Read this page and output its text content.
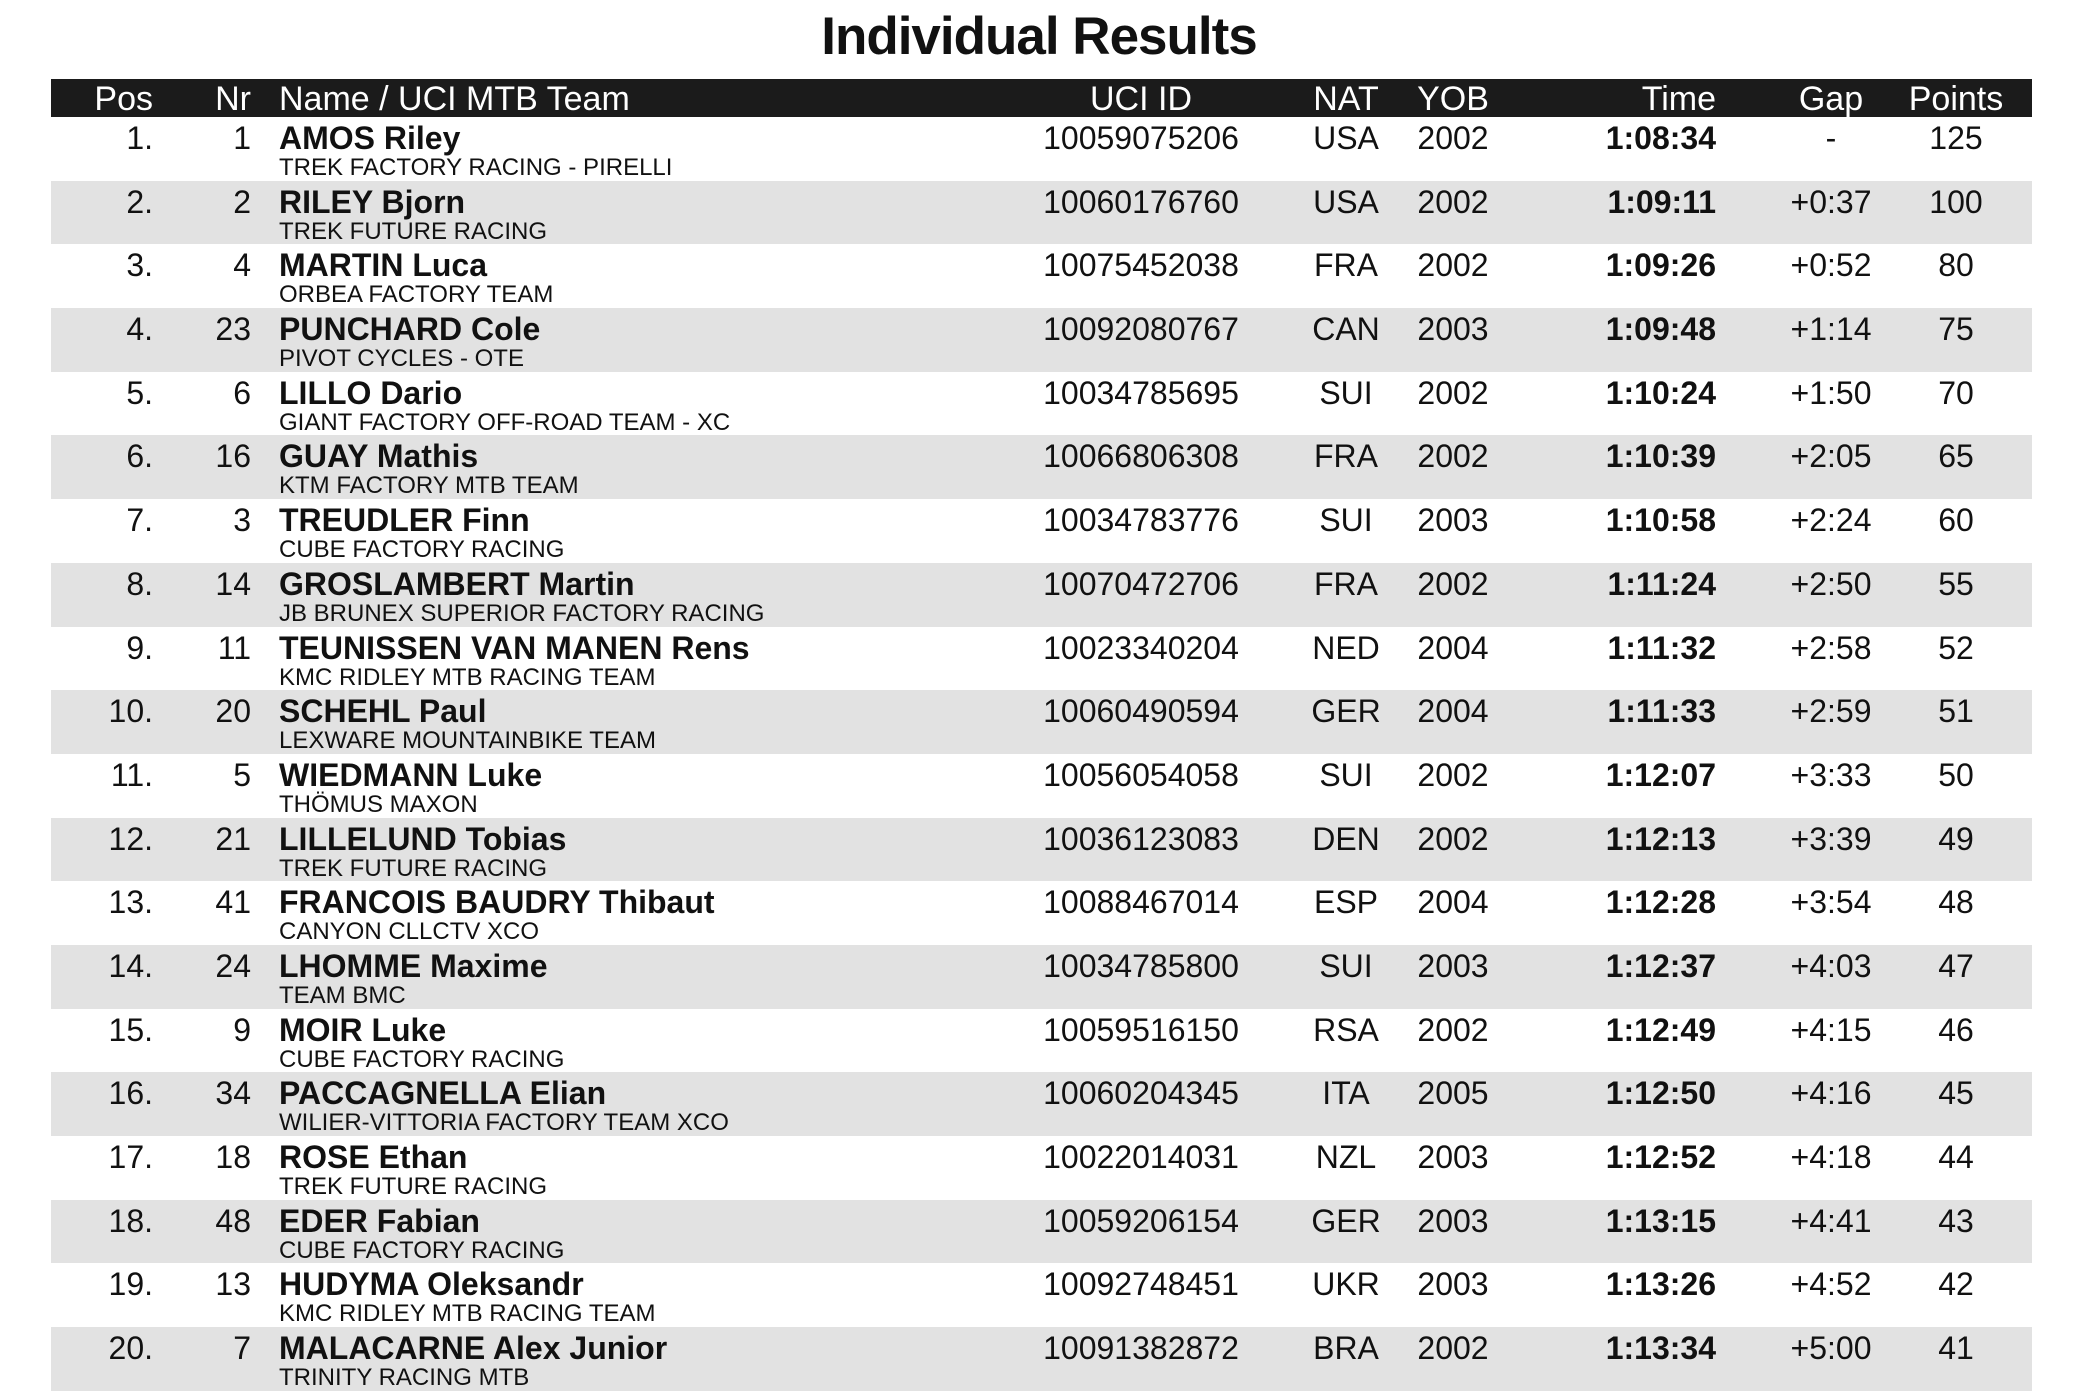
Individual Results
Pos	Nr Name / UCI MTB Team	UCI ID	NAT	YOB	Time	Gap	Points
1.	1 AMOS Riley
TREK FACTORY RACING - PIRELLI
10059075206	USA	2002	1:08:34	-	125
2.	2 RILEY Bjorn
TREK FUTURE RACING
10060176760	USA	2002	1:09:11	+0:37	100
3.	4 MARTIN Luca
ORBEA FACTORY TEAM
10075452038	FRA	2002	1:09:26	+0:52	80
4.	23 PUNCHARD Cole
PIVOT CYCLES - OTE
10092080767	CAN	2003	1:09:48	+1:14	75
5.	6 LILLO Dario
GIANT FACTORY OFF-ROAD TEAM - XC
10034785695	SUI	2002	1:10:24	+1:50	70
6.	16 GUAY Mathis
KTM FACTORY MTB TEAM
10066806308	FRA	2002	1:10:39	+2:05	65
7.	3 TREUDLER Finn
CUBE FACTORY RACING
10034783776	SUI	2003	1:10:58	+2:24	60
8.	14 GROSLAMBERT Martin
JB BRUNEX SUPERIOR FACTORY RACING
10070472706	FRA	2002	1:11:24	+2:50	55
9.	11 TEUNISSEN VAN MANEN Rens
KMC RIDLEY MTB RACING TEAM
10023340204	NED	2004	1:11:32	+2:58	52
10.	20 SCHEHL Paul
LEXWARE MOUNTAINBIKE TEAM
10060490594	GER	2004	1:11:33	+2:59	51
11.	5 WIEDMANN Luke
THÖMUS MAXON
10056054058	SUI	2002	1:12:07	+3:33	50
12.	21 LILLELUND Tobias
TREK FUTURE RACING
10036123083	DEN	2002	1:12:13	+3:39	49
13.	41 FRANCOIS BAUDRY Thibaut
CANYON CLLCTV XCO
10088467014	ESP	2004	1:12:28	+3:54	48
14.	24 LHOMME Maxime
TEAM BMC
10034785800	SUI	2003	1:12:37	+4:03	47
15.	9 MOIR Luke
CUBE FACTORY RACING
10059516150	RSA	2002	1:12:49	+4:15	46
16.	34 PACCAGNELLA Elian
WILIER-VITTORIA FACTORY TEAM XCO
10060204345	ITA	2005	1:12:50	+4:16	45
17.	18 ROSE Ethan
TREK FUTURE RACING
10022014031	NZL	2003	1:12:52	+4:18	44
18.	48 EDER Fabian
CUBE FACTORY RACING
10059206154	GER	2003	1:13:15	+4:41	43
19.	13 HUDYMA Oleksandr
KMC RIDLEY MTB RACING TEAM
10092748451	UKR	2003	1:13:26	+4:52	42
20.	7 MALACARNE Alex Junior
TRINITY RACING MTB
10091382872	BRA	2002	1:13:34	+5:00	41
